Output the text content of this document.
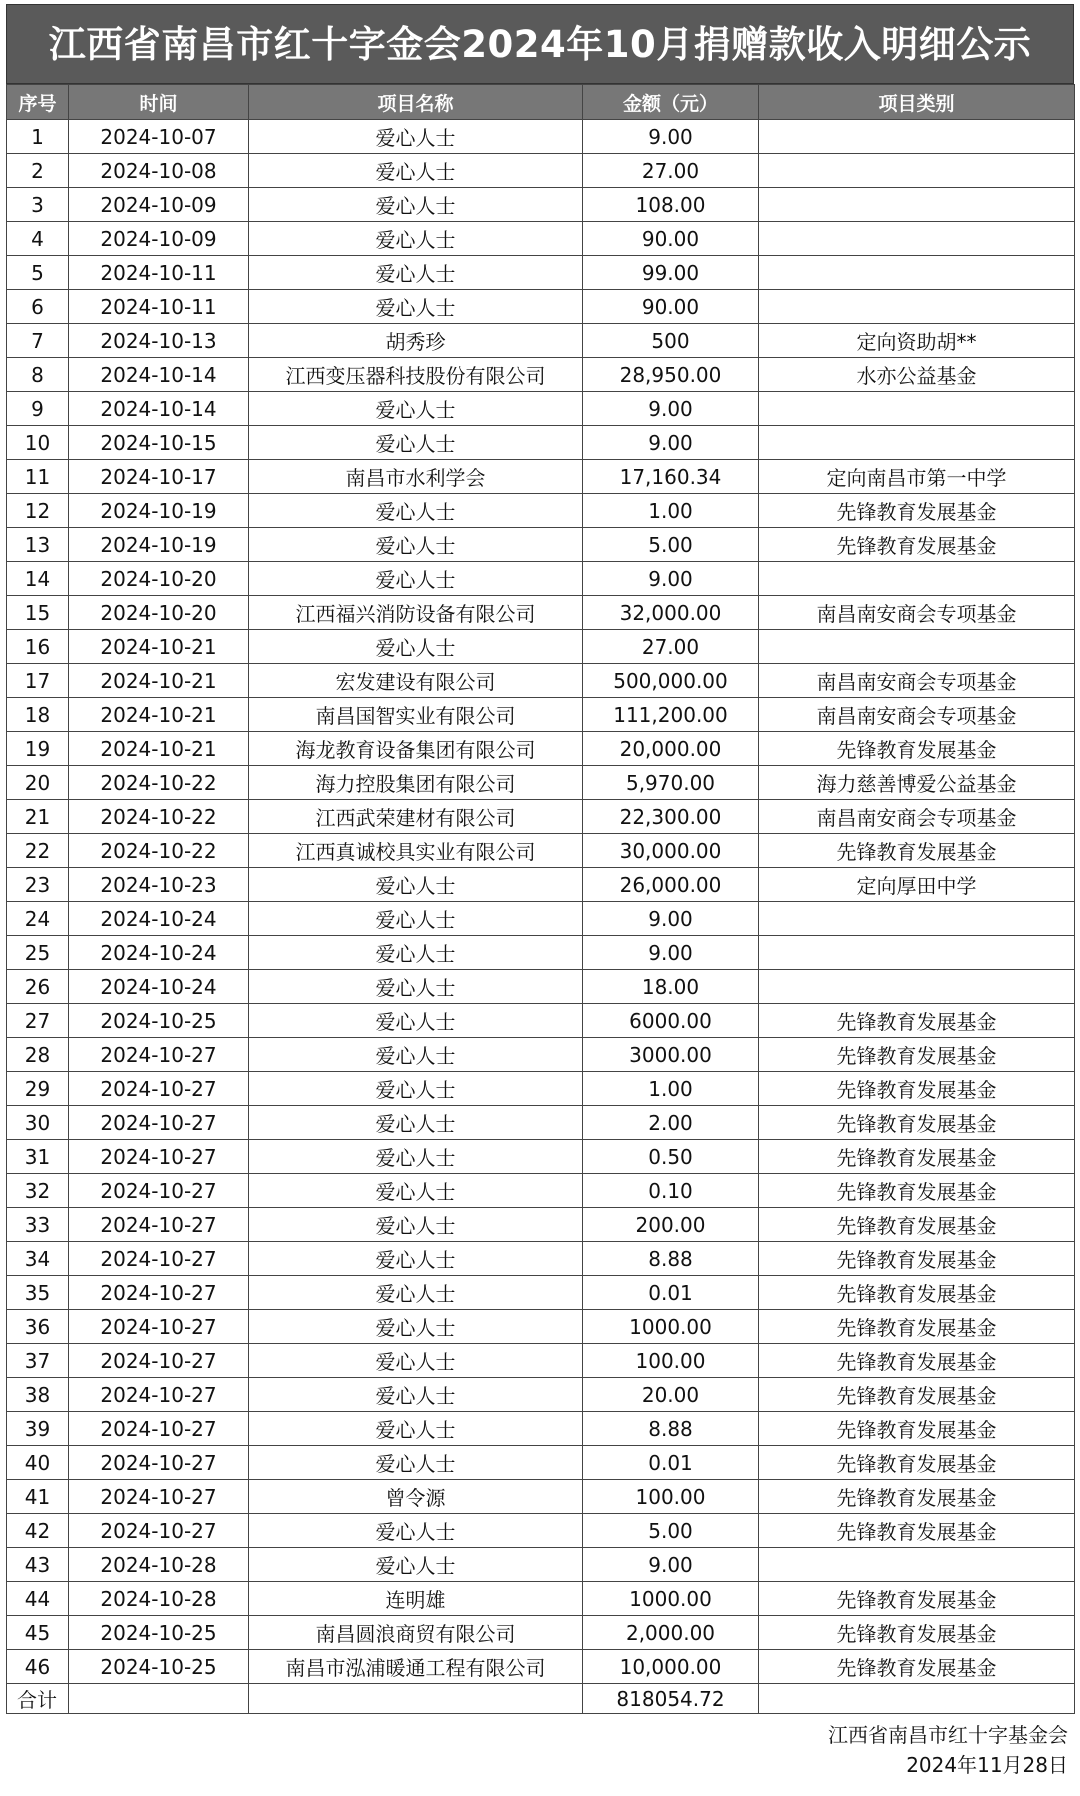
江西省南昌市红十字金会2024年10月捐赠款收入明细公示
序号	时间	项目名称	金额（元）	项目类别
1	2024-10-07	爱心人士	9.00	
2	2024-10-08	爱心人士	27.00	
3	2024-10-09	爱心人士	108.00	
4	2024-10-09	爱心人士	90.00	
5	2024-10-11	爱心人士	99.00	
6	2024-10-11	爱心人士	90.00	
7	2024-10-13	胡秀珍	500	定向资助胡**
8	2024-10-14	江西变压器科技股份有限公司	28,950.00	水亦公益基金
9	2024-10-14	爱心人士	9.00	
10	2024-10-15	爱心人士	9.00	
11	2024-10-17	南昌市水利学会	17,160.34	定向南昌市第一中学
12	2024-10-19	爱心人士	1.00	先锋教育发展基金
13	2024-10-19	爱心人士	5.00	先锋教育发展基金
14	2024-10-20	爱心人士	9.00	
15	2024-10-20	江西福兴消防设备有限公司	32,000.00	南昌南安商会专项基金
16	2024-10-21	爱心人士	27.00	
17	2024-10-21	宏发建设有限公司	500,000.00	南昌南安商会专项基金
18	2024-10-21	南昌国智实业有限公司	111,200.00	南昌南安商会专项基金
19	2024-10-21	海龙教育设备集团有限公司	20,000.00	先锋教育发展基金
20	2024-10-22	海力控股集团有限公司	5,970.00	海力慈善博爱公益基金
21	2024-10-22	江西武荣建材有限公司	22,300.00	南昌南安商会专项基金
22	2024-10-22	江西真诚校具实业有限公司	30,000.00	先锋教育发展基金
23	2024-10-23	爱心人士	26,000.00	定向厚田中学
24	2024-10-24	爱心人士	9.00	
25	2024-10-24	爱心人士	9.00	
26	2024-10-24	爱心人士	18.00	
27	2024-10-25	爱心人士	6000.00	先锋教育发展基金
28	2024-10-27	爱心人士	3000.00	先锋教育发展基金
29	2024-10-27	爱心人士	1.00	先锋教育发展基金
30	2024-10-27	爱心人士	2.00	先锋教育发展基金
31	2024-10-27	爱心人士	0.50	先锋教育发展基金
32	2024-10-27	爱心人士	0.10	先锋教育发展基金
33	2024-10-27	爱心人士	200.00	先锋教育发展基金
34	2024-10-27	爱心人士	8.88	先锋教育发展基金
35	2024-10-27	爱心人士	0.01	先锋教育发展基金
36	2024-10-27	爱心人士	1000.00	先锋教育发展基金
37	2024-10-27	爱心人士	100.00	先锋教育发展基金
38	2024-10-27	爱心人士	20.00	先锋教育发展基金
39	2024-10-27	爱心人士	8.88	先锋教育发展基金
40	2024-10-27	爱心人士	0.01	先锋教育发展基金
41	2024-10-27	曾令源	100.00	先锋教育发展基金
42	2024-10-27	爱心人士	5.00	先锋教育发展基金
43	2024-10-28	爱心人士	9.00	
44	2024-10-28	连明雄	1000.00	先锋教育发展基金
45	2024-10-25	南昌圆浪商贸有限公司	2,000.00	先锋教育发展基金
46	2024-10-25	南昌市泓浦暖通工程有限公司	10,000.00	先锋教育发展基金
合计			818054.72	
江西省南昌市红十字基金会
2024年11月28日
